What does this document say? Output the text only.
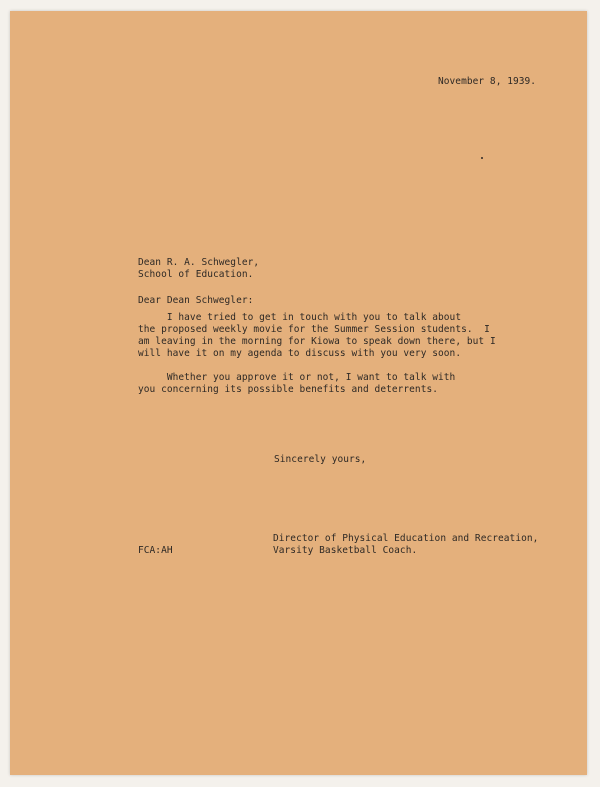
November 8, 1939.
Dean R. A. Schwegler,
School of Education.
Dear Dean Schwegler:
I have tried to get in touch with you to talk about
the proposed weekly movie for the Summer Session students.  I
am leaving in the morning for Kiowa to speak down there, but I
will have it on my agenda to discuss with you very soon.
Whether you approve it or not, I want to talk with
you concerning its possible benefits and deterrents.
Sincerely yours,
Director of Physical Education and Recreation,
Varsity Basketball Coach.
FCA:AH
